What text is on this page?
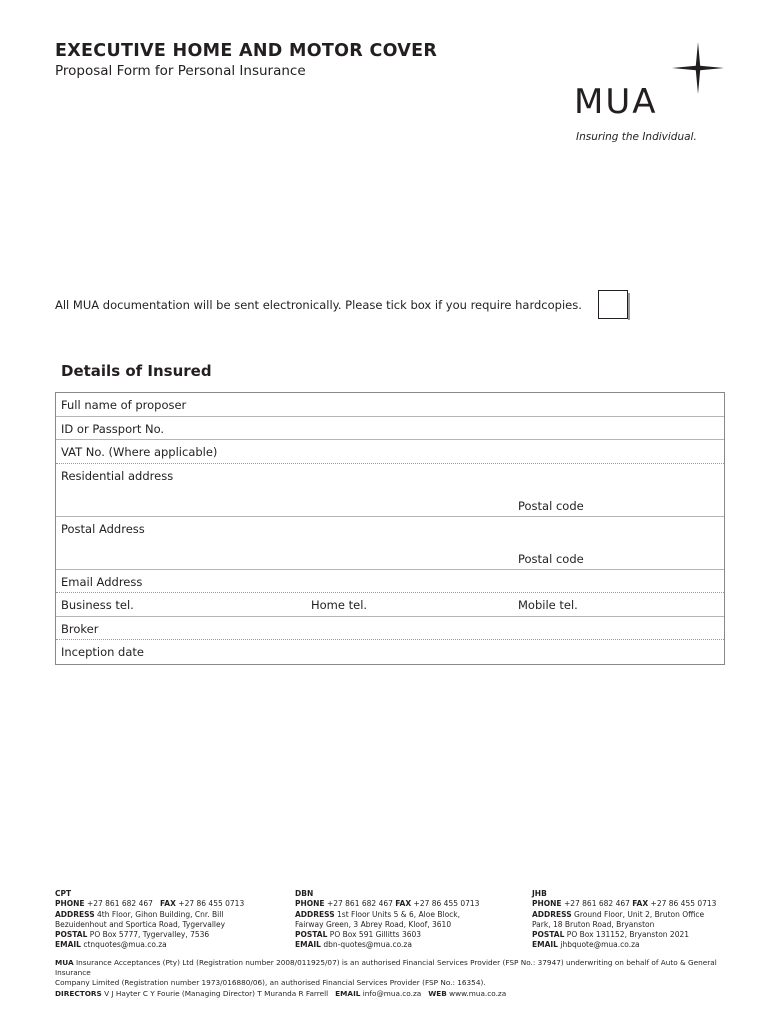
EXECUTIVE HOME AND MOTOR COVER

Proposal Form for Personal Insurance

MUA
Insuring the Individual.
All MUA documentation will be sent electronically. Please tick box if you require hardcopies.
Details of Insured
Full name of proposer
ID or Passport No.
VAT No. (Where applicable)
Residential address
Postal code
Postal Address
Postal code
Email Address
Business tel.	Home tel.	Mobile tel.
Broker
Inception date
CPT
PHONE +27 861 682 467 FAX +27 86 455 0713
ADDRESS 4th Floor, Gihon Building, Cnr. Bill
Bezuidenhout and Sportica Road, Tygervalley
POSTAL PO Box 5777, Tygervalley, 7536
EMAIL ctnquotes@mua.co.za
DBN
PHONE +27 861 682 467 FAX +27 86 455 0713
ADDRESS 1st Floor Units 5 & 6, Aloe Block,
Fairway Green, 3 Abrey Road, Kloof, 3610
POSTAL PO Box 591 Gillitts 3603
EMAIL dbn-quotes@mua.co.za
JHB
PHONE +27 861 682 467 FAX +27 86 455 0713
ADDRESS Ground Floor, Unit 2, Bruton Office
Park, 18 Bruton Road, Bryanston
POSTAL PO Box 131152, Bryanston 2021
EMAIL jhbquote@mua.co.za
MUA Insurance Acceptances (Pty) Ltd (Registration number 2008/011925/07) is an authorised Financial Services Provider (FSP No.: 37947) underwriting on behalf of Auto & General Insurance
Company Limited (Registration number 1973/016880/06), an authorised Financial Services Provider (FSP No.: 16354).
DIRECTORS V J Hayter C Y Fourie (Managing Director) T Muranda R Farrell EMAIL info@mua.co.za WEB www.mua.co.za
